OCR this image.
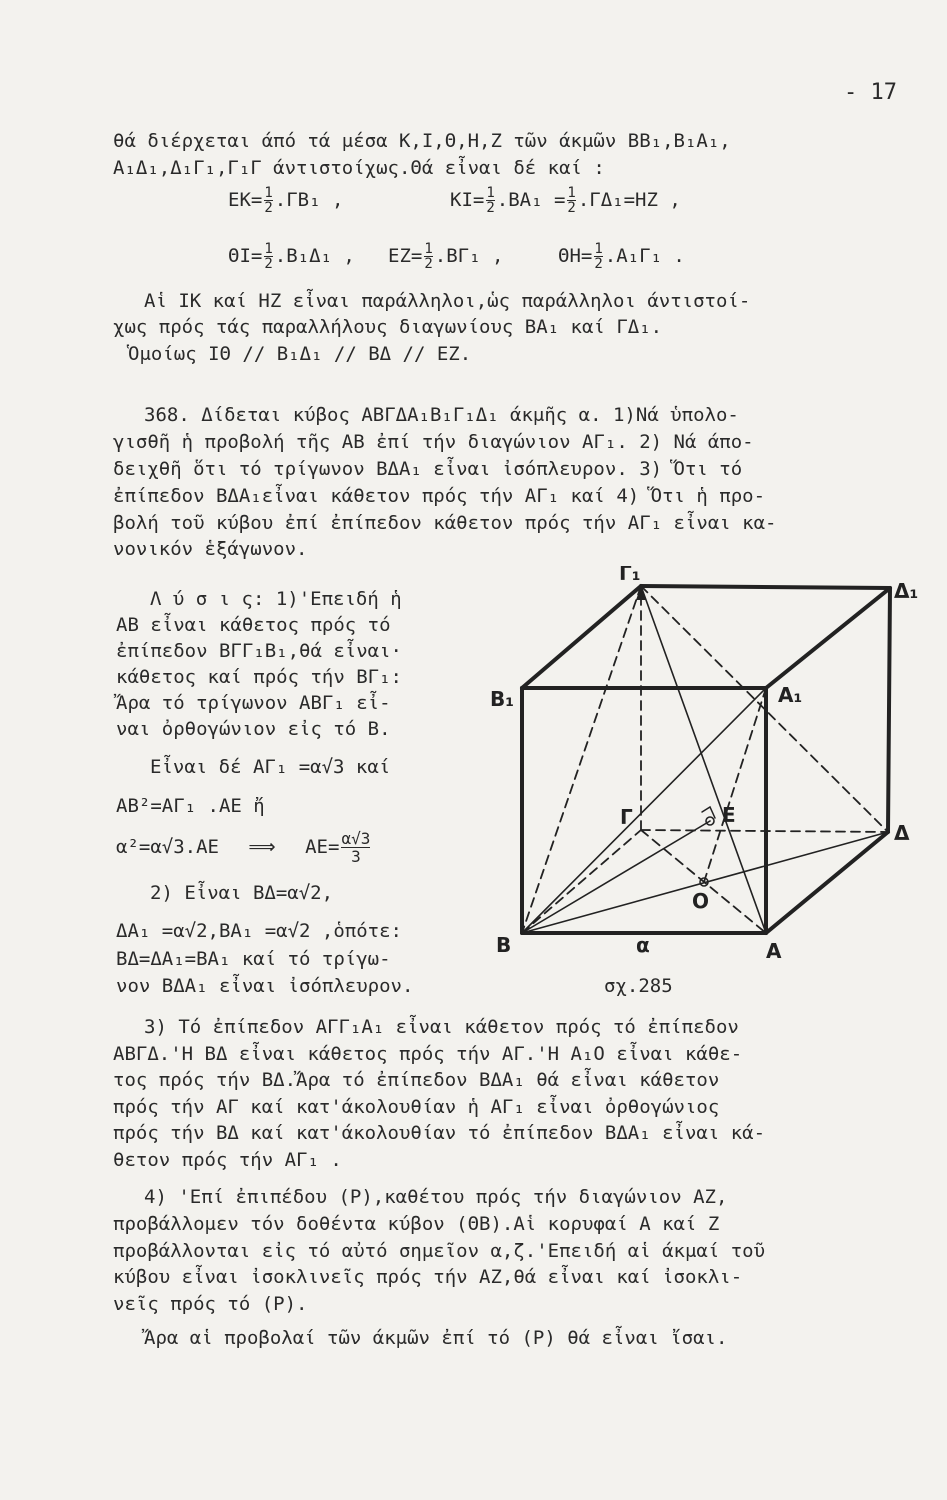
- 17
θά διέρχεται άπό τά μέσα Κ,Ι,Θ,Η,Ζ τῶν άκμῶν ΒΒ₁,Β₁Α₁,
Α₁Δ₁,Δ₁Γ₁,Γ₁Γ άντιστοίχως.Θά εἶναι δέ καί :
$EK= \frac{1}{2} .\Gamma B_1$ ,	$KI= \frac{1}{2} .BA_1 = \frac{1}{2} .\Gamma\Delta_1=HZ$ ,
$\Theta I= \frac{1}{2} .B_1\Delta_1$ , $EZ= \frac{1}{2} .B\Gamma_1$ ,	$\Theta H= \frac{1}{2} .A_1\Gamma_1$ .
Αἱ ΙΚ καί ΗΖ εἶναι παράλληλοι,ὡς παράλληλοι άντιστοί-
χως πρός τάς παραλλήλους διαγωνίους ΒΑ₁ καί ΓΔ₁.
Ὁμοίως ΙΘ // Β₁Δ₁ // ΒΔ // ΕΖ.
368. Δίδεται κύβος ΑΒΓΔΑ₁Β₁Γ₁Δ₁ άκμῆς α. 1)Νά ὑπολο-
γισθῆ ἡ προβολή τῆς ΑΒ ἐπί τήν διαγώνιον ΑΓ₁. 2) Νά άπο-
δειχθῆ ὅτι τό τρίγωνον ΒΔΑ₁ εἶναι ἰσόπλευρον. 3) Ὅτι τό
ἐπίπεδον ΒΔΑ₁εἶναι κάθετον πρός τήν ΑΓ₁ καί 4) Ὅτι ἡ προ-
βολή τοῦ κύβου ἐπί ἐπίπεδον κάθετον πρός τήν ΑΓ₁ εἶναι κα-
νονικόν ἑξάγωνον.
Λ ύ σ ι ς: 1)'Επειδή ἡ
ΑΒ εἶναι κάθετος πρός τό
ἐπίπεδον ΒΓΓ₁Β₁,θά εἶναι·
κάθετος καί πρός τήν ΒΓ₁:
Ἄρα τό τρίγωνον ΑΒΓ₁ εἶ-
ναι ὀρθογώνιον εἰς τό Β.
Εἶναι δέ ΑΓ₁ =α√3 καί
ΑΒ²=ΑΓ₁ .ΑΕ ἤ
α²=α√3.ΑΕ ⟹ $AE= \frac{\alpha√3}{3}$
2) Εἶναι ΒΔ=α√2,
ΔΑ₁ =α√2,ΒΑ₁ =α√2 ,ὁπότε:
ΒΔ=ΔΑ₁=ΒΑ₁ καί τό τρίγω-
νον ΒΔΑ₁ εἶναι ἰσόπλευρον.
Γ₁
Δ₁
Β₁	Α₁
Γ	Ε
Δ
Ο
Β	α	Α
σχ.285
3) Τό ἐπίπεδον ΑΓΓ₁Α₁ εἶναι κάθετον πρός τό ἐπίπεδον
ΑΒΓΔ.'Η ΒΔ εἶναι κάθετος πρός τήν ΑΓ.'Η Α₁Ο εἶναι κάθε-
τος πρός τήν ΒΔ.Ἄρα τό ἐπίπεδον ΒΔΑ₁ θά εἶναι κάθετον
πρός τήν ΑΓ καί κατ'άκολουθίαν ἡ ΑΓ₁ εἶναι ὀρθογώνιος
πρός τήν ΒΔ καί κατ'άκολουθίαν τό ἐπίπεδον ΒΔΑ₁ εἶναι κά-
θετον πρός τήν ΑΓ₁ .
4) 'Επί ἐπιπέδου (Ρ),καθέτου πρός τήν διαγώνιον ΑΖ,
προβάλλομεν τόν δοθέντα κύβον (ΘΒ).Αἱ κορυφαί Α καί Ζ
προβάλλονται εἰς τό αὐτό σημεῖον α,ζ.'Επειδή αἱ άκμαί τοῦ
κύβου εἶναι ἰσοκλινεῖς πρός τήν ΑΖ,θά εἶναι καί ἰσοκλι-
νεῖς πρός τό (Ρ).
Ἄρα αἱ προβολαί τῶν άκμῶν ἐπί τό (Ρ) θά εἶναι ἴσαι.
